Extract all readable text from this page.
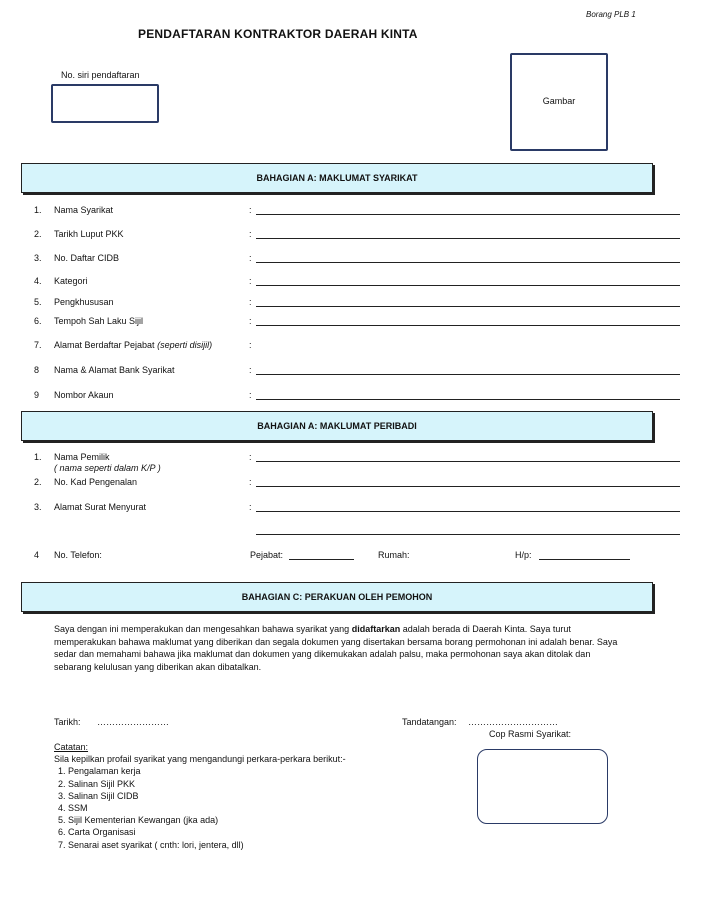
Borang PLB 1
PENDAFTARAN KONTRAKTOR DAERAH KINTA
No. siri pendaftaran
Gambar
BAHAGIAN A: MAKLUMAT SYARIKAT
1. Nama Syarikat	:
2. Tarikh Luput PKK	:
3. No. Daftar CIDB	:
4. Kategori	:
5. Pengkhususan	:
6. Tempoh Sah Laku Sijil	:
7. Alamat Berdaftar Pejabat (seperti disijil)	:
8 Nama & Alamat Bank Syarikat	:
9 Nombor Akaun	:
BAHAGIAN A: MAKLUMAT PERIBADI
1. Nama Pemilik
( nama seperti dalam K/P )
:
2. No. Kad Pengenalan	:
3. Alamat Surat Menyurat	:
4 No. Telefon:	Pejabat:	Rumah:	H/p:
BAHAGIAN C: PERAKUAN OLEH PEMOHON
Saya dengan ini memperakukan dan mengesahkan bahawa syarikat yang didaftarkan adalah berada di Daerah Kinta. Saya turut memperakukan bahawa maklumat yang diberikan dan segala dokumen yang disertakan bersama borang permohonan ini adalah benar. Saya sedar dan memahami bahawa jika maklumat dan dokumen yang dikemukakan adalah palsu, maka permohonan saya akan ditolak dan sebarang kelulusan yang diberikan akan dibatalkan.
Tarikh: ……………………	Tandatangan: …………………………
Cop Rasmi Syarikat:
Catatan:
Sila kepilkan profail syarikat yang mengandungi perkara-perkara berikut:-
1. Pengalaman kerja
2. Salinan Sijil PKK
3. Salinan Sijil CIDB
4. SSM
5. Sijil Kementerian Kewangan (jka ada)
6. Carta Organisasi
7. Senarai aset syarikat ( cnth: lori, jentera, dll)
